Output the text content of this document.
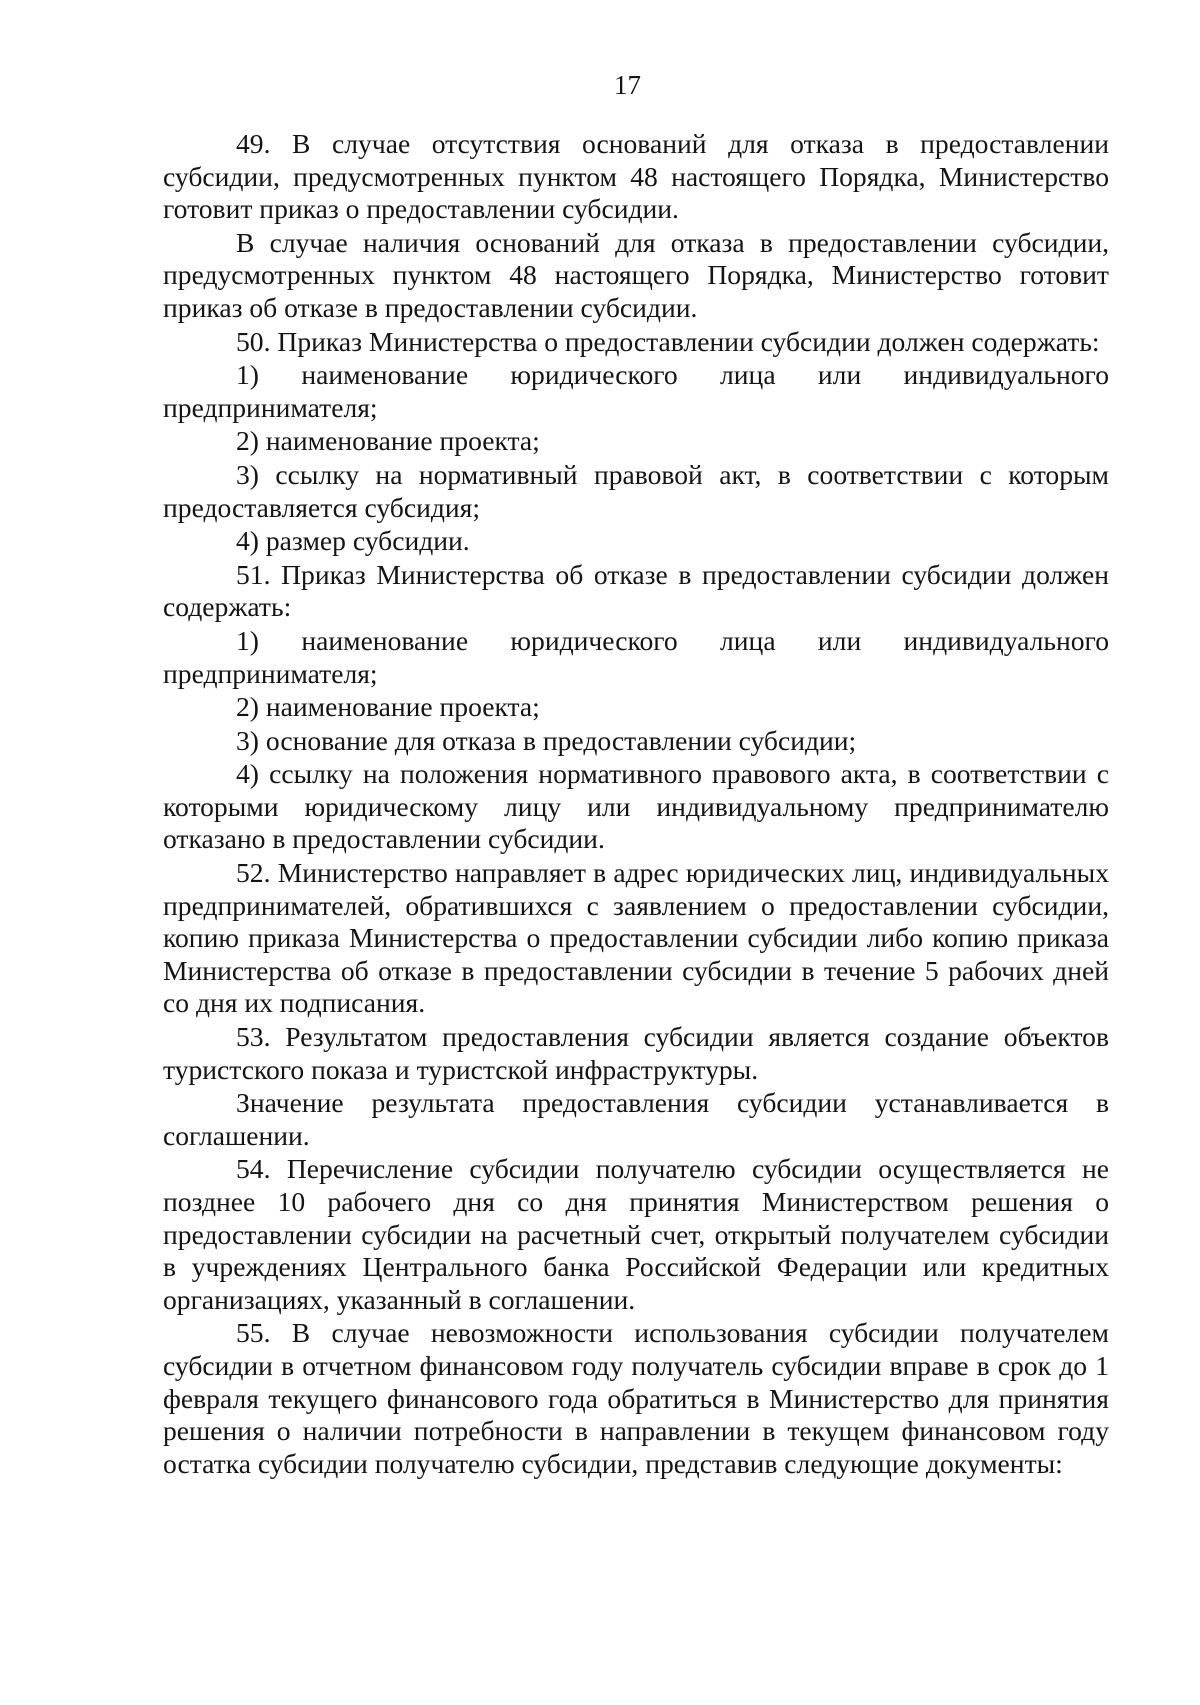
17

49. В случае отсутствия оснований для отказа в предоставлении субсидии, предусмотренных пунктом 48 настоящего Порядка, Министерство готовит приказ о предоставлении субсидии.

В случае наличия оснований для отказа в предоставлении субсидии, предусмотренных пунктом 48 настоящего Порядка, Министерство готовит приказ об отказе в предоставлении субсидии.

50. Приказ Министерства о предоставлении субсидии должен содержать:

1) наименование юридического лица или индивидуального предпринимателя;

2) наименование проекта;

3) ссылку на нормативный правовой акт, в соответствии с которым предоставляется субсидия;

4) размер субсидии.

51. Приказ Министерства об отказе в предоставлении субсидии должен содержать:

1) наименование юридического лица или индивидуального предпринимателя;

2) наименование проекта;

3) основание для отказа в предоставлении субсидии;

4) ссылку на положения нормативного правового акта, в соответствии с которыми юридическому лицу или индивидуальному предпринимателю отказано в предоставлении субсидии.

52. Министерство направляет в адрес юридических лиц, индивидуальных предпринимателей, обратившихся с заявлением о предоставлении субсидии, копию приказа Министерства о предоставлении субсидии либо копию приказа Министерства об отказе в предоставлении субсидии в течение 5 рабочих дней со дня их подписания.

53. Результатом предоставления субсидии является создание объектов туристского показа и туристской инфраструктуры.

Значение результата предоставления субсидии устанавливается в соглашении.

54. Перечисление субсидии получателю субсидии осуществляется не позднее 10 рабочего дня со дня принятия Министерством решения о предоставлении субсидии на расчетный счет, открытый получателем субсидии в учреждениях Центрального банка Российской Федерации или кредитных организациях, указанный в соглашении.

55. В случае невозможности использования субсидии получателем субсидии в отчетном финансовом году получатель субсидии вправе в срок до 1 февраля текущего финансового года обратиться в Министерство для принятия решения о наличии потребности в направлении в текущем финансовом году остатка субсидии получателю субсидии, представив следующие документы:
